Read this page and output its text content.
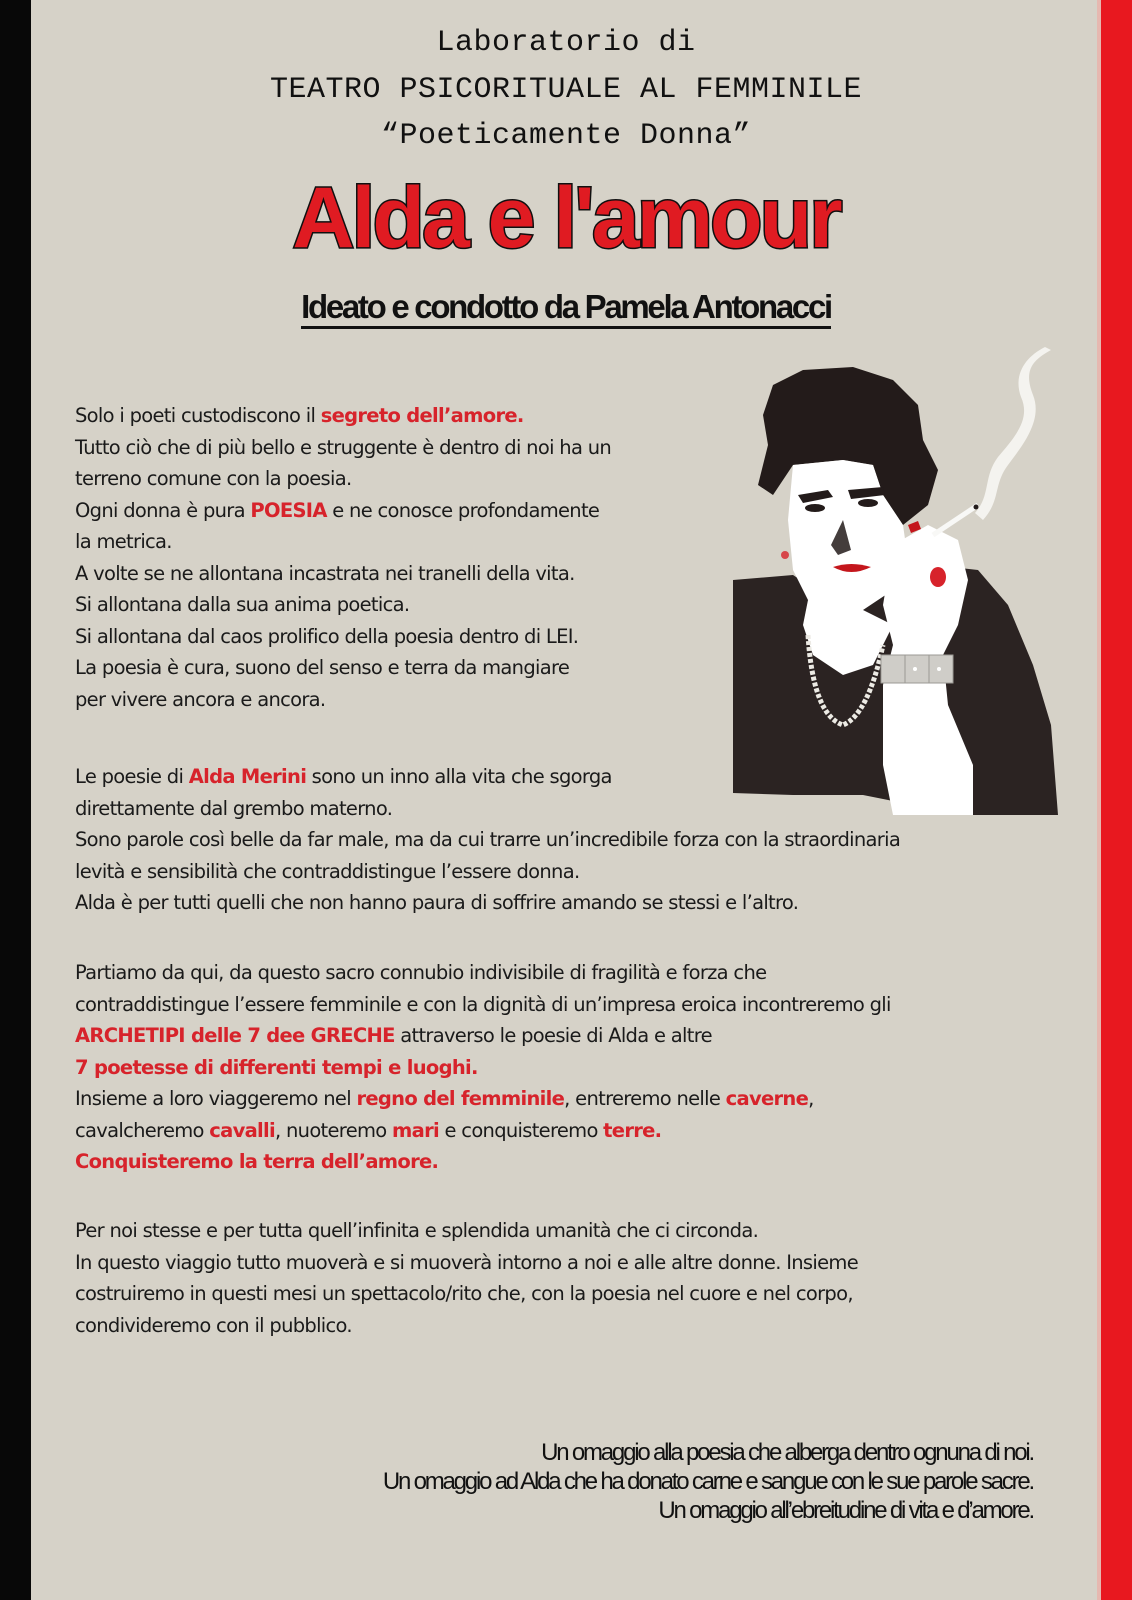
Laboratorio di
TEATRO PSICORITUALE AL FEMMINILE
“Poeticamente Donna”
Alda e l'amour
Ideato e condotto da Pamela Antonacci
Solo i poeti custodiscono il segreto dell’amore.
Tutto ciò che di più bello e struggente è dentro di noi ha un
terreno comune con la poesia.
Ogni donna è pura POESIA e ne conosce profondamente
la metrica.
A volte se ne allontana incastrata nei tranelli della vita.
Si allontana dalla sua anima poetica.
Si allontana dal caos prolifico della poesia dentro di LEI.
La poesia è cura, suono del senso e terra da mangiare
per vivere ancora e ancora.
Le poesie di Alda Merini sono un inno alla vita che sgorga
direttamente dal grembo materno.
Sono parole così belle da far male, ma da cui trarre un’incredibile forza con la straordinaria
levità e sensibilità che contraddistingue l’essere donna.
Alda è per tutti quelli che non hanno paura di soffrire amando se stessi e l’altro.
Partiamo da qui, da questo sacro connubio indivisibile di fragilità e forza che
contraddistingue l’essere femminile e con la dignità di un’impresa eroica incontreremo gli
ARCHETIPI delle 7 dee GRECHE attraverso le poesie di Alda e altre
7 poetesse di differenti tempi e luoghi.
Insieme a loro viaggeremo nel regno del femminile, entreremo nelle caverne,
cavalcheremo cavalli, nuoteremo mari e conquisteremo terre.
Conquisteremo la terra dell’amore.
Per noi stesse e per tutta quell’infinita e splendida umanità che ci circonda.
In questo viaggio tutto muoverà e si muoverà intorno a noi e alle altre donne. Insieme
costruiremo in questi mesi un spettacolo/rito che, con la poesia nel cuore e nel corpo,
condivideremo con il pubblico.
Un omaggio alla poesia che alberga dentro ognuna di noi.
Un omaggio ad Alda che ha donato carne e sangue con le sue parole sacre.
Un omaggio all’ebreitudine di vita e d’amore.
